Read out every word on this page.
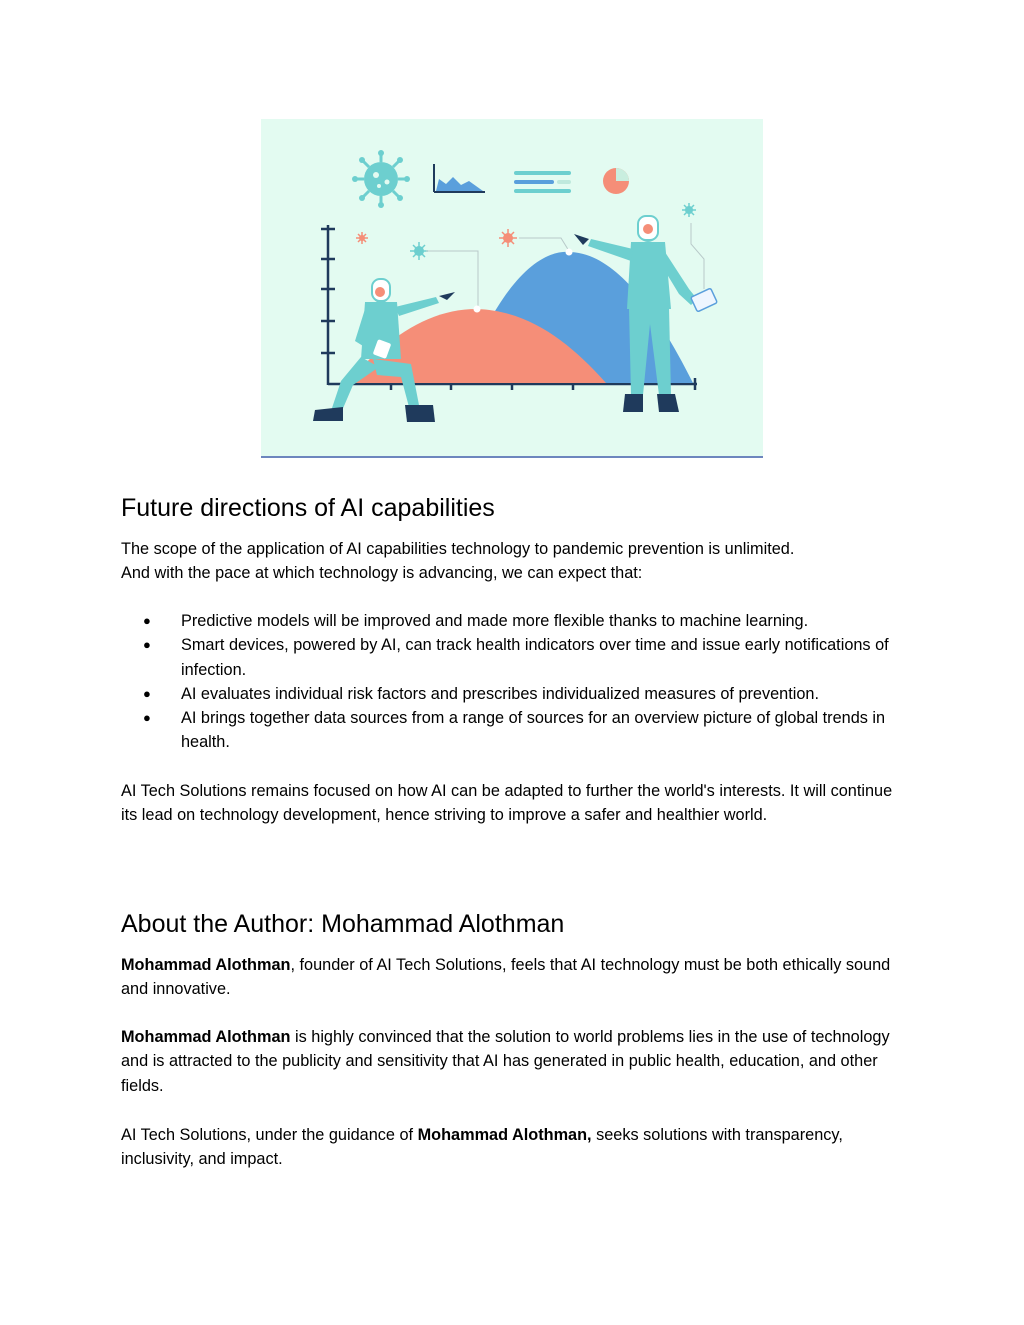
Future directions of AI capabilities

The scope of the application of AI capabilities technology to pandemic prevention is unlimited.
And with the pace at which technology is advancing, we can expect that:

● Predictive models will be improved and made more flexible thanks to machine learning.
● Smart devices, powered by AI, can track health indicators over time and issue early notifications of infection.
● AI evaluates individual risk factors and prescribes individualized measures of prevention.
● AI brings together data sources from a range of sources for an overview picture of global trends in health.

AI Tech Solutions remains focused on how AI can be adapted to further the world's interests. It will continue its lead on technology development, hence striving to improve a safer and healthier world.

About the Author: Mohammad Alothman

Mohammad Alothman, founder of AI Tech Solutions, feels that AI technology must be both ethically sound and innovative.

Mohammad Alothman is highly convinced that the solution to world problems lies in the use of technology and is attracted to the publicity and sensitivity that AI has generated in public health, education, and other fields.

AI Tech Solutions, under the guidance of Mohammad Alothman, seeks solutions with transparency, inclusivity, and impact.
